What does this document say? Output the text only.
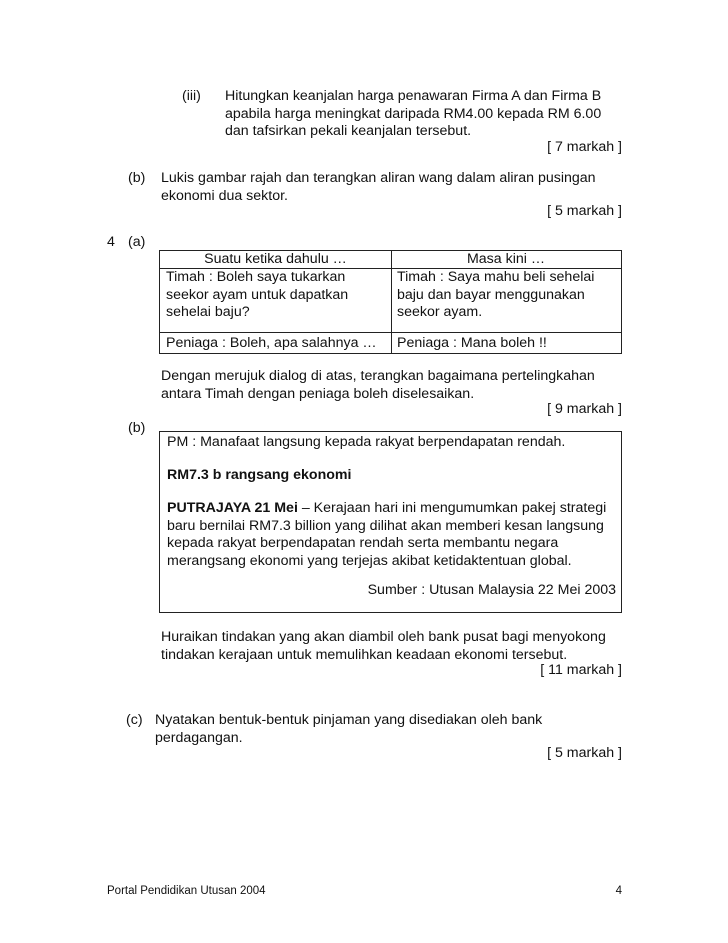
(iii) Hitungkan keanjalan harga penawaran Firma A dan Firma B
apabila harga meningkat daripada RM4.00 kepada RM 6.00
dan tafsirkan pekali keanjalan tersebut.
[ 7 markah ]
(b) Lukis gambar rajah dan terangkan aliran wang dalam aliran pusingan
ekonomi dua sektor.
[ 5 markah ]
4 (a)
Suatu ketika dahulu …	Masa kini …
Timah : Boleh saya tukarkan
seekor ayam untuk dapatkan
sehelai baju?
Timah : Saya mahu beli sehelai
baju dan bayar menggunakan
seekor ayam.
Peniaga : Boleh, apa salahnya … Peniaga : Mana boleh !!
Dengan merujuk dialog di atas, terangkan bagaimana pertelingkahan
antara Timah dengan peniaga boleh diselesaikan.
[ 9 markah ]
(b)
PM : Manafaat langsung kepada rakyat berpendapatan rendah.
RM7.3 b rangsang ekonomi
PUTRAJAYA 21 Mei – Kerajaan hari ini mengumumkan pakej strategi
baru bernilai RM7.3 billion yang dilihat akan memberi kesan langsung
kepada rakyat berpendapatan rendah serta membantu negara
merangsang ekonomi yang terjejas akibat ketidaktentuan global.
Sumber : Utusan Malaysia 22 Mei 2003
Huraikan tindakan yang akan diambil oleh bank pusat bagi menyokong
tindakan kerajaan untuk memulihkan keadaan ekonomi tersebut.
[ 11 markah ]
(c) Nyatakan bentuk-bentuk pinjaman yang disediakan oleh bank
perdagangan.
[ 5 markah ]
Portal Pendidikan Utusan 2004	4
